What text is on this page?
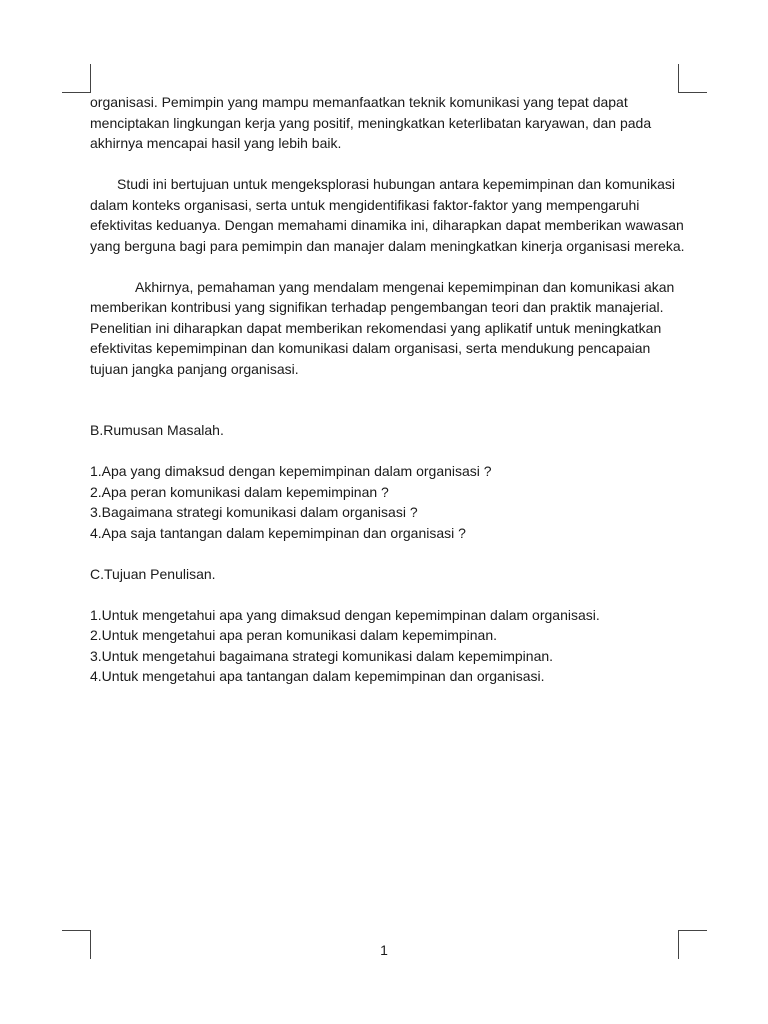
organisasi. Pemimpin yang mampu memanfaatkan teknik komunikasi yang tepat dapat menciptakan lingkungan kerja yang positif, meningkatkan keterlibatan karyawan, dan pada akhirnya mencapai hasil yang lebih baik.

Studi ini bertujuan untuk mengeksplorasi hubungan antara kepemimpinan dan komunikasi dalam konteks organisasi, serta untuk mengidentifikasi faktor-faktor yang mempengaruhi efektivitas keduanya. Dengan memahami dinamika ini, diharapkan dapat memberikan wawasan yang berguna bagi para pemimpin dan manajer dalam meningkatkan kinerja organisasi mereka.

Akhirnya, pemahaman yang mendalam mengenai kepemimpinan dan komunikasi akan memberikan kontribusi yang signifikan terhadap pengembangan teori dan praktik manajerial. Penelitian ini diharapkan dapat memberikan rekomendasi yang aplikatif untuk meningkatkan efektivitas kepemimpinan dan komunikasi dalam organisasi, serta mendukung pencapaian tujuan jangka panjang organisasi.

B.Rumusan Masalah.

1.Apa yang dimaksud dengan kepemimpinan dalam organisasi ?
2.Apa peran komunikasi dalam kepemimpinan ?
3.Bagaimana strategi komunikasi dalam organisasi ?
4.Apa saja tantangan dalam kepemimpinan dan organisasi ?

C.Tujuan Penulisan.

1.Untuk mengetahui apa yang dimaksud dengan kepemimpinan dalam organisasi.
2.Untuk mengetahui apa peran komunikasi dalam kepemimpinan.
3.Untuk mengetahui bagaimana strategi komunikasi dalam kepemimpinan.
4.Untuk mengetahui apa tantangan dalam kepemimpinan dan organisasi.
1
